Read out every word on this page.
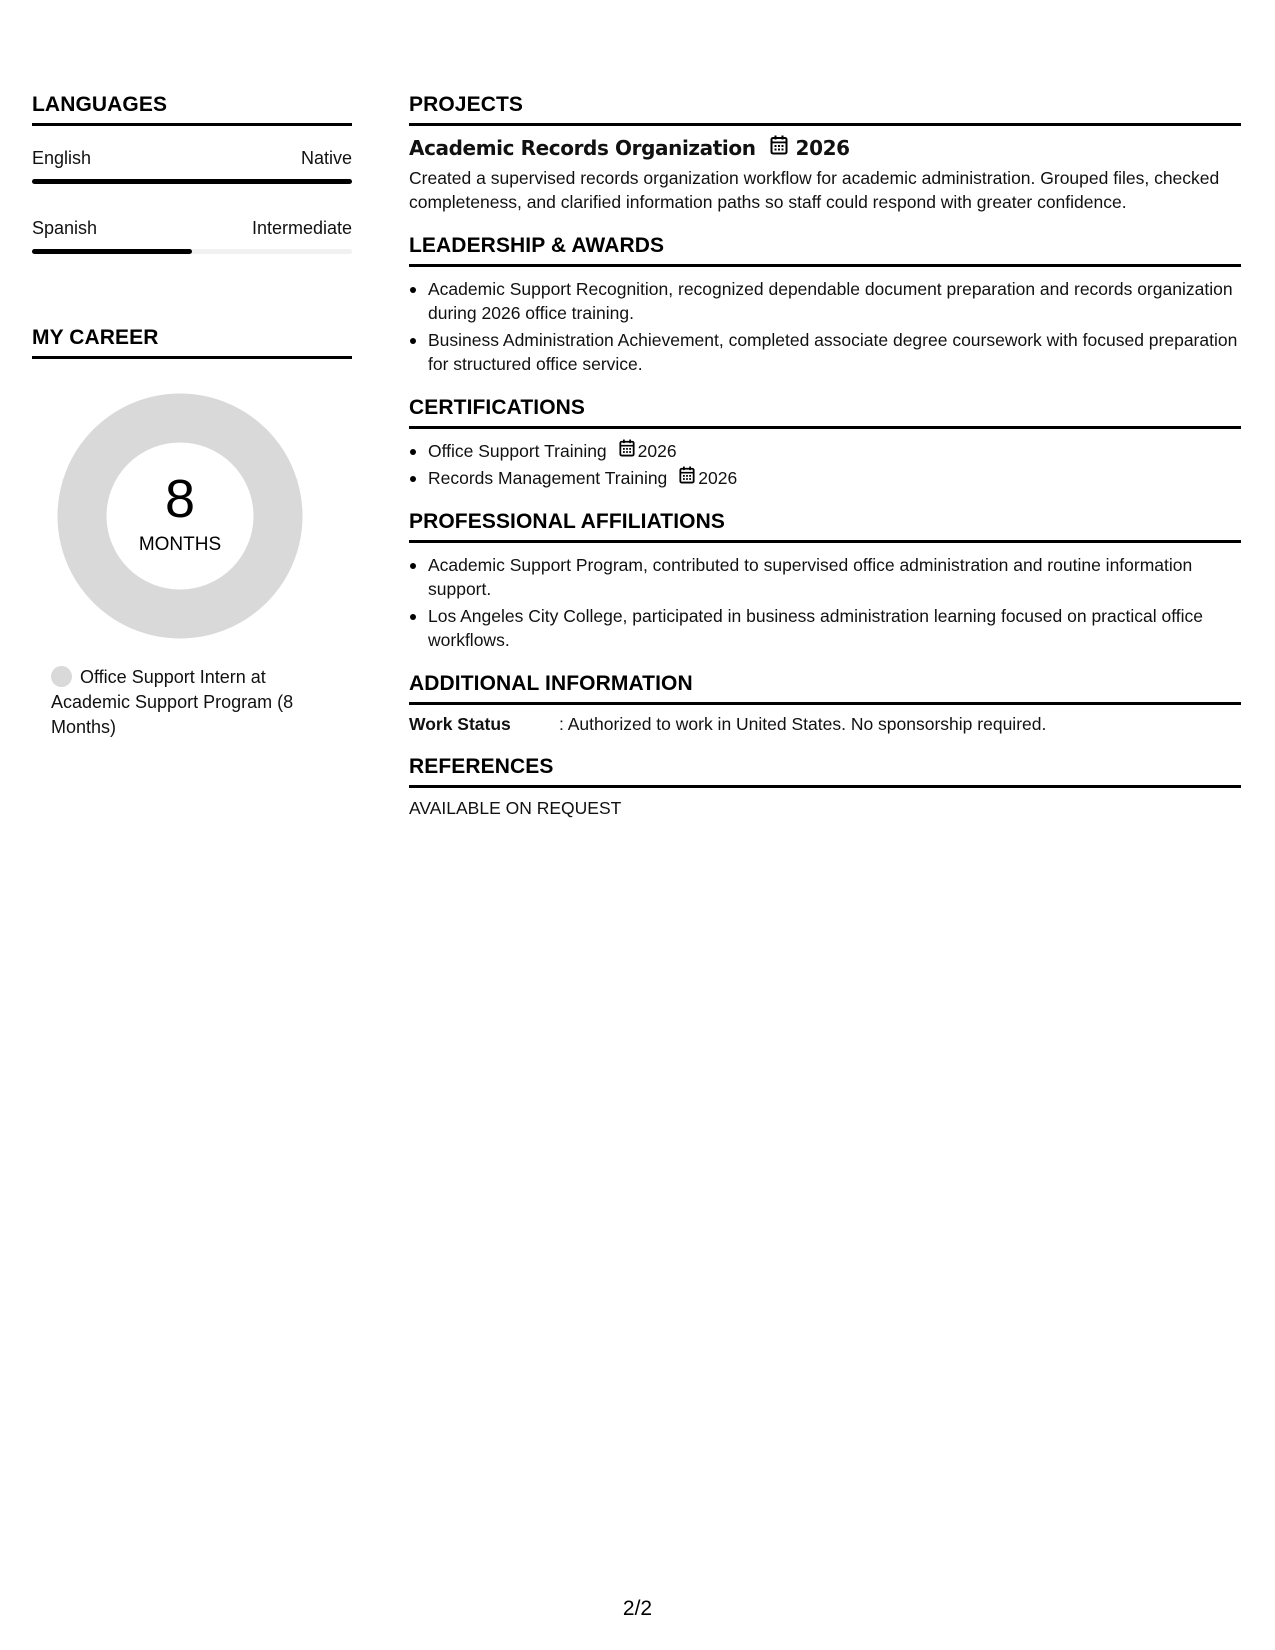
LANGUAGES
English	Native
Spanish	Intermediate
MY CAREER
8
MONTHS
Office Support Intern at Academic Support Program (8 Months)
PROJECTS
Academic Records Organization 2026
Created a supervised records organization workflow for academic administration. Grouped files, checked completeness, and clarified information paths so staff could respond with greater confidence.
LEADERSHIP & AWARDS
Academic Support Recognition, recognized dependable document preparation and records organization during 2026 office training.
Business Administration Achievement, completed associate degree coursework with focused preparation for structured office service.
CERTIFICATIONS
Office Support Training 2026
Records Management Training 2026
PROFESSIONAL AFFILIATIONS
Academic Support Program, contributed to supervised office administration and routine information support.
Los Angeles City College, participated in business administration learning focused on practical office workflows.
ADDITIONAL INFORMATION
Work Status	: Authorized to work in United States. No sponsorship required.
REFERENCES
AVAILABLE ON REQUEST
2/2
